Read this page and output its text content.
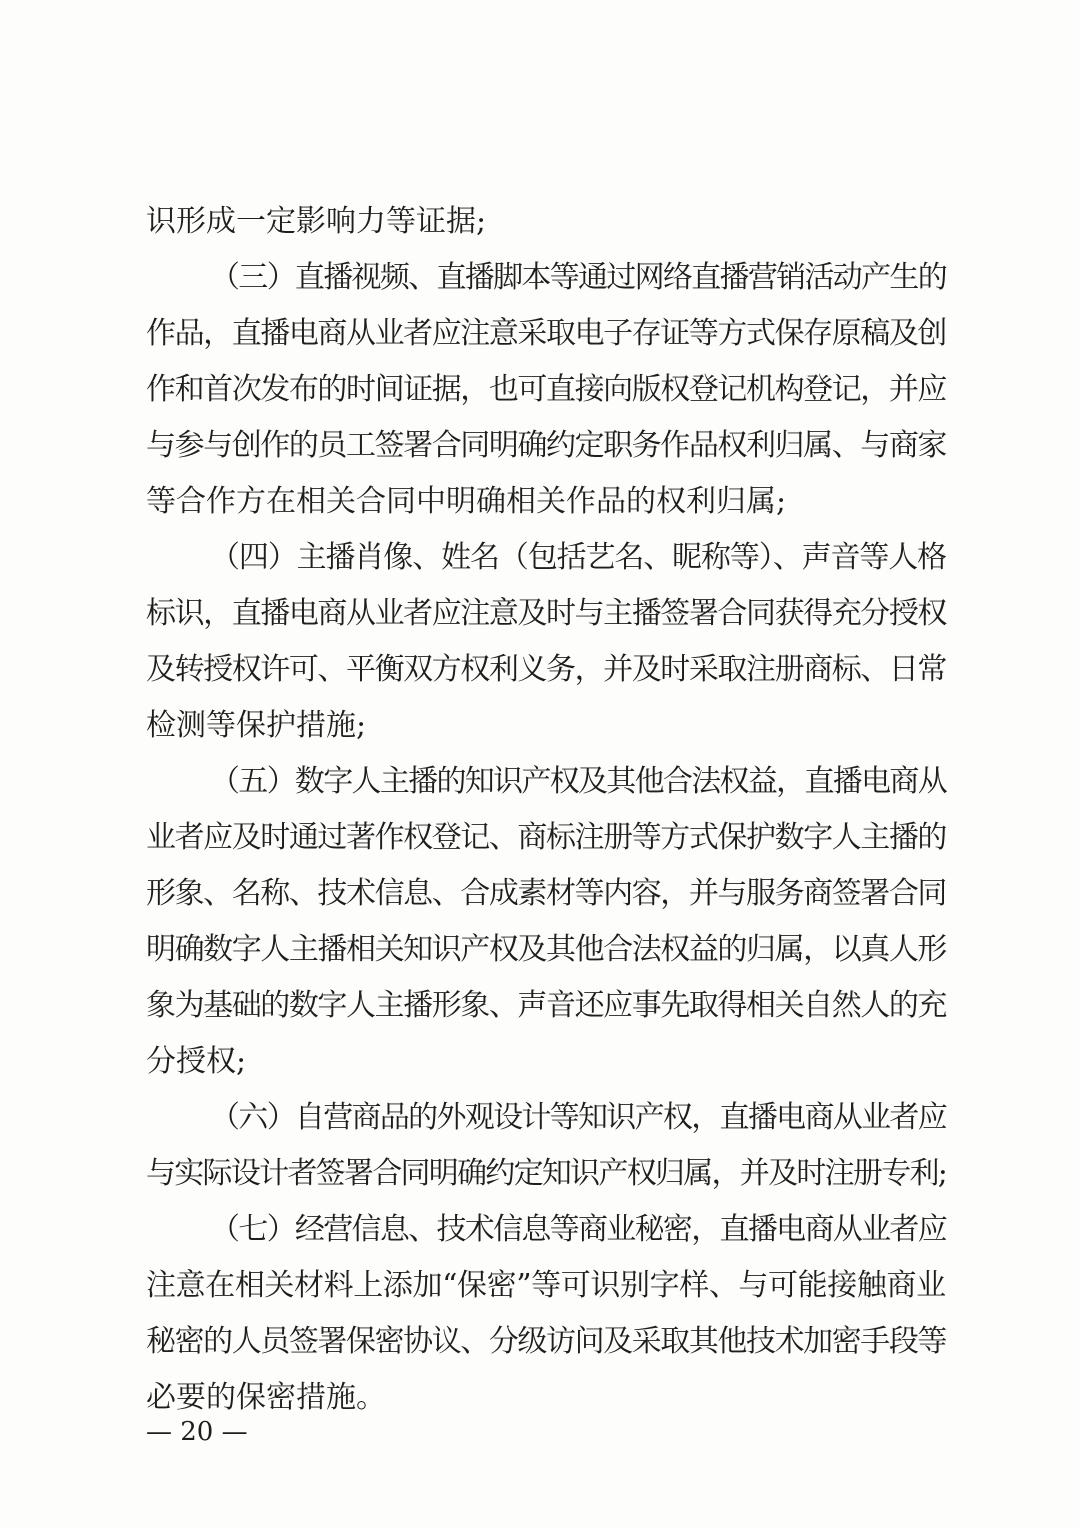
识形成一定影响力等证据;
（三）直播视频、直播脚本等通过网络直播营销活动产生的
作品，直播电商从业者应注意采取电子存证等方式保存原稿及创
作和首次发布的时间证据，也可直接向版权登记机构登记，并应
与参与创作的员工签署合同明确约定职务作品权利归属、与商家
等合作方在相关合同中明确相关作品的权利归属;
（四）主播肖像、姓名（包括艺名、昵称等）、声音等人格
标识，直播电商从业者应注意及时与主播签署合同获得充分授权
及转授权许可、平衡双方权利义务，并及时采取注册商标、日常
检测等保护措施;
（五）数字人主播的知识产权及其他合法权益，直播电商从
业者应及时通过著作权登记、商标注册等方式保护数字人主播的
形象、名称、技术信息、合成素材等内容，并与服务商签署合同
明确数字人主播相关知识产权及其他合法权益的归属，以真人形
象为基础的数字人主播形象、声音还应事先取得相关自然人的充
分授权;
（六）自营商品的外观设计等知识产权，直播电商从业者应
与实际设计者签署合同明确约定知识产权归属，并及时注册专利;
（七）经营信息、技术信息等商业秘密，直播电商从业者应
注意在相关材料上添加“保密”等可识别字样、与可能接触商业
秘密的人员签署保密协议、分级访问及采取其他技术加密手段等
必要的保密措施。
— 20 —
